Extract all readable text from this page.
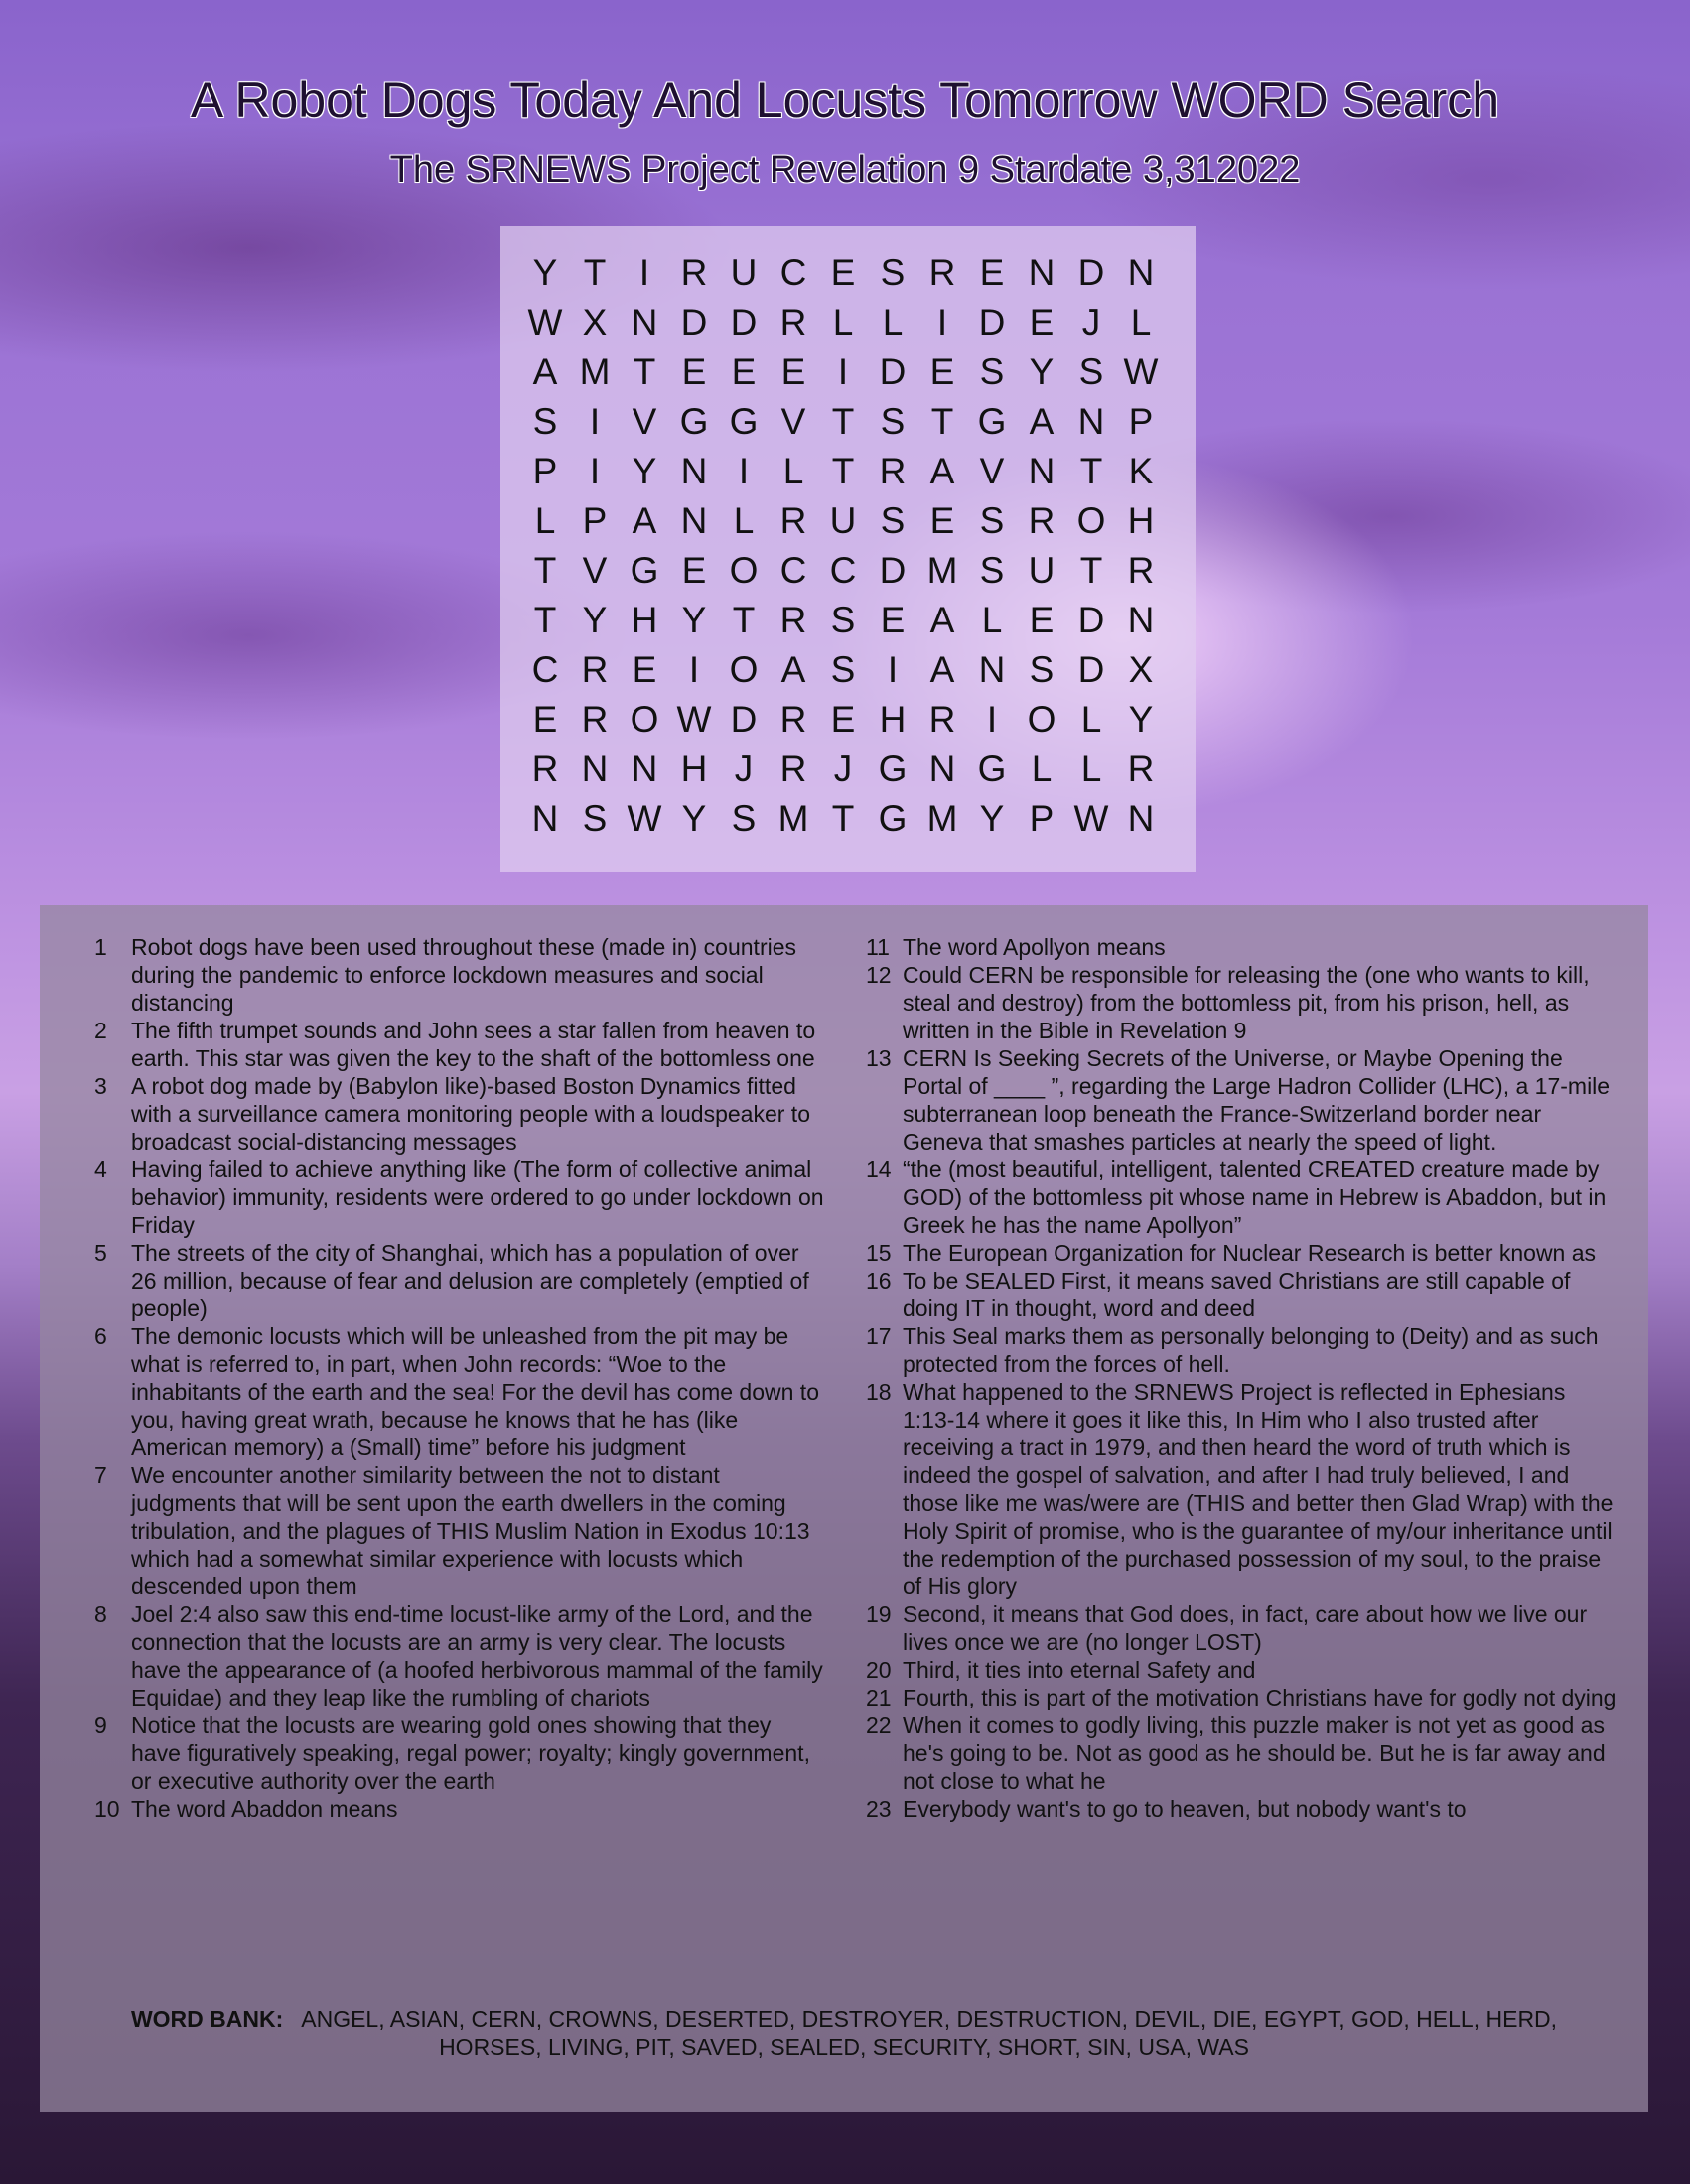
A Robot Dogs Today And Locusts Tomorrow WORD Search
The SRNEWS Project Revelation 9 Stardate 3,312022
Y T I R U C E S R E N D N
W X N D D R L L I D E J L
A M T E E E I D E S Y S W
S I V G G V T S T G A N P
P I Y N I L T R A V N T K
L P A N L R U S E S R O H
T V G E O C C D M S U T R
T Y H Y T R S E A L E D N
C R E I O A S I A N S D X
E R O W D R E H R I O L Y
R N N H J R J G N G L L R
N S W Y S M T G M Y P W N
1	Robot dogs have been used throughout these (made in) countries during the pandemic to enforce lockdown measures and social distancing
2	The fifth trumpet sounds and John sees a star fallen from heaven to earth. This star was given the key to the shaft of the bottomless one
3	A robot dog made by (Babylon like)-based Boston Dynamics fitted with a surveillance camera monitoring people with a loudspeaker to broadcast social-distancing messages
4	Having failed to achieve anything like (The form of collective animal behavior) immunity, residents were ordered to go under lockdown on Friday
5	The streets of the city of Shanghai, which has a population of over 26 million, because of fear and delusion are completely (emptied of people)
6	The demonic locusts which will be unleashed from the pit may be what is referred to, in part, when John records: “Woe to the inhabitants of the earth and the sea! For the devil has come down to you, having great wrath, because he knows that he has (like American memory) a (Small) time” before his judgment
7	We encounter another similarity between the not to distant judgments that will be sent upon the earth dwellers in the coming tribulation, and the plagues of THIS Muslim Nation in Exodus 10:13 which had a somewhat similar experience with locusts which descended upon them
8	Joel 2:4 also saw this end-time locust-like army of the Lord, and the connection that the locusts are an army is very clear. The locusts have the appearance of (a hoofed herbivorous mammal of the family Equidae) and they leap like the rumbling of chariots
9	Notice that the locusts are wearing gold ones showing that they have figuratively speaking, regal power; royalty; kingly government, or executive authority over the earth
10 The word Abaddon means
11 The word Apollyon means
12 Could CERN be responsible for releasing the (one who wants to kill, steal and destroy) from the bottomless pit, from his prison, hell, as written in the Bible in Revelation 9
13 CERN Is Seeking Secrets of the Universe, or Maybe Opening the Portal of ____ ”, regarding the Large Hadron Collider (LHC), a 17-mile subterranean loop beneath the France-Switzerland border near Geneva that smashes particles at nearly the speed of light.
14 “the (most beautiful, intelligent, talented CREATED creature made by GOD) of the bottomless pit whose name in Hebrew is Abaddon, but in Greek he has the name Apollyon”
15 The European Organization for Nuclear Research is better known as
16 To be SEALED First, it means saved Christians are still capable of doing IT in thought, word and deed
17 This Seal marks them as personally belonging to (Deity) and as such protected from the forces of hell.
18 What happened to the SRNEWS Project is reflected in Ephesians 1:13-14 where it goes it like this, In Him who I also trusted after receiving a tract in 1979, and then heard the word of truth which is indeed the gospel of salvation, and after I had truly believed, I and those like me was/were are (THIS and better then Glad Wrap) with the Holy Spirit of promise, who is the guarantee of my/our inheritance until the redemption of the purchased possession of my soul, to the praise of His glory
19 Second, it means that God does, in fact, care about how we live our lives once we are (no longer LOST)
20 Third, it ties into eternal Safety and
21 Fourth, this is part of the motivation Christians have for godly not dying
22 When it comes to godly living, this puzzle maker is not yet as good as he's going to be. Not as good as he should be. But he is far away and not close to what he
23 Everybody want's to go to heaven, but nobody want's to
WORD BANK: ANGEL, ASIAN, CERN, CROWNS, DESERTED, DESTROYER, DESTRUCTION, DEVIL, DIE, EGYPT, GOD, HELL, HERD, HORSES, LIVING, PIT, SAVED, SEALED, SECURITY, SHORT, SIN, USA, WAS
